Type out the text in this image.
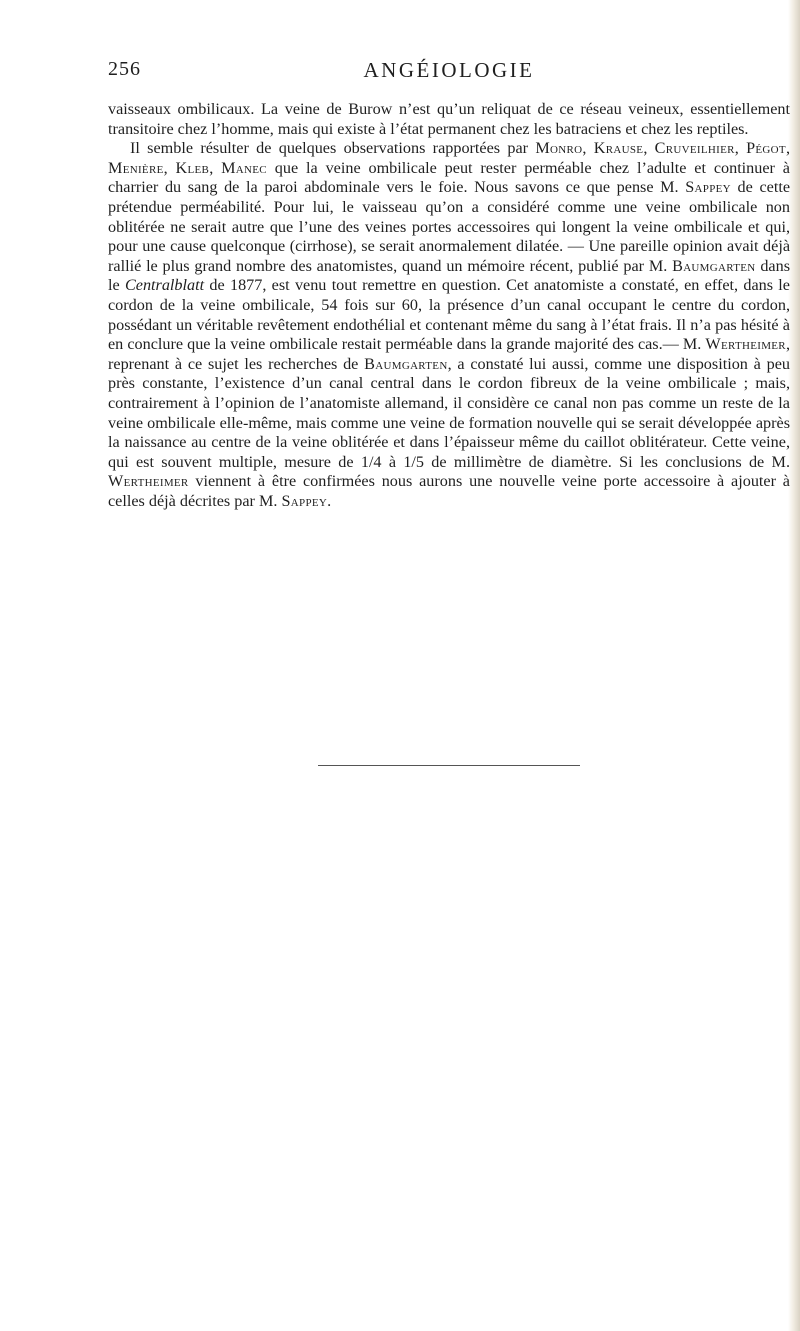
256	ANGÉIOLOGIE

vaisseaux ombilicaux. La veine de Burow n’est qu’un reliquat de ce réseau veineux, essentiellement transitoire chez l’homme, mais qui existe à l’état permanent chez les batraciens et chez les reptiles.

Il semble résulter de quelques observations rapportées par Monro, Krause, Cruveilhier, Pégot, Menière, Kleb, Manec que la veine ombilicale peut rester perméable chez l’adulte et continuer à charrier du sang de la paroi abdominale vers le foie. Nous savons ce que pense M. Sappey de cette prétendue perméabilité. Pour lui, le vaisseau qu’on a considéré comme une veine ombilicale non oblitérée ne serait autre que l’une des veines portes accessoires qui longent la veine ombilicale et qui, pour une cause quelconque (cirrhose), se serait anormalement dilatée. — Une pareille opinion avait déjà rallié le plus grand nombre des anatomistes, quand un mémoire récent, publié par M. Baumgarten dans le Centralblatt de 1877, est venu tout remettre en question. Cet anatomiste a constaté, en effet, dans le cordon de la veine ombilicale, 54 fois sur 60, la présence d’un canal occupant le centre du cordon, possédant un véritable revêtement endothélial et contenant même du sang à l’état frais. Il n’a pas hésité à en conclure que la veine ombilicale restait perméable dans la grande majorité des cas.— M. Wertheimer, reprenant à ce sujet les recherches de Baumgarten, a constaté lui aussi, comme une disposition à peu près constante, l’existence d’un canal central dans le cordon fibreux de la veine ombilicale ; mais, contrairement à l’opinion de l’anatomiste allemand, il considère ce canal non pas comme un reste de la veine ombilicale elle-même, mais comme une veine de formation nouvelle qui se serait développée après la naissance au centre de la veine oblitérée et dans l’épaisseur même du caillot oblitérateur. Cette veine, qui est souvent multiple, mesure de 1/4 à 1/5 de millimètre de diamètre. Si les conclusions de M. Wertheimer viennent à être confirmées nous aurons une nouvelle veine porte accessoire à ajouter à celles déjà décrites par M. Sappey.
